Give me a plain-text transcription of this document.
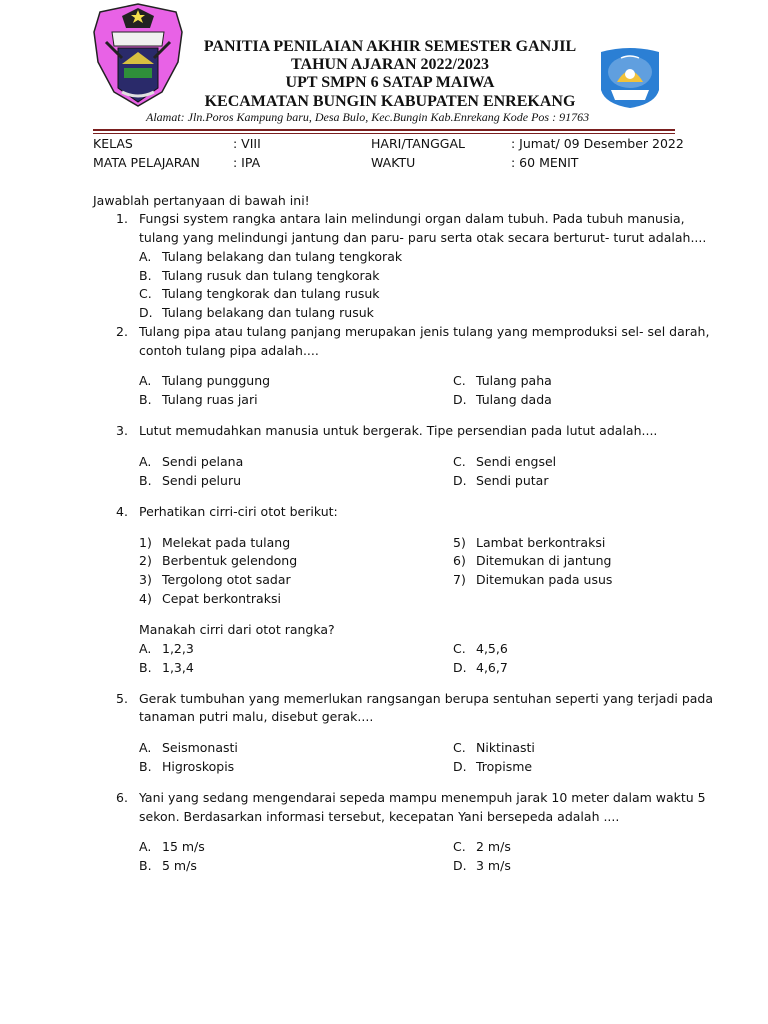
PANITIA PENILAIAN AKHIR SEMESTER GANJIL
TAHUN AJARAN 2022/2023
UPT SMPN 6 SATAP MAIWA
KECAMATAN BUNGIN KABUPATEN ENREKANG
Alamat: Jln.Poros Kampung baru, Desa Bulo, Kec.Bungin Kab.Enrekang Kode Pos : 91763
KELAS	: VIII	HARI/TANGGAL	: Jumat/ 09 Desember 2022
MATA PELAJARAN	: IPA	WAKTU	: 60 MENIT
Jawablah pertanyaan di bawah ini!
1. Fungsi system rangka antara lain melindungi organ dalam tubuh. Pada tubuh manusia,
tulang yang melindungi jantung dan paru- paru serta otak secara berturut- turut adalah....
A. Tulang belakang dan tulang tengkorak
B. Tulang rusuk dan tulang tengkorak
C. Tulang tengkorak dan tulang rusuk
D. Tulang belakang dan tulang rusuk
2. Tulang pipa atau tulang panjang merupakan jenis tulang yang memproduksi sel- sel darah,
contoh tulang pipa adalah....
A. Tulang punggung
B. Tulang ruas jari
C. Tulang paha
D. Tulang dada
3. Lutut memudahkan manusia untuk bergerak. Tipe persendian pada lutut adalah....
A. Sendi pelana
B. Sendi peluru
C. Sendi engsel
D. Sendi putar
4. Perhatikan cirri-ciri otot berikut:
1) Melekat pada tulang
2) Berbentuk gelendong
3) Tergolong otot sadar
4) Cepat berkontraksi
5) Lambat berkontraksi
6) Ditemukan di jantung
7) Ditemukan pada usus
Manakah cirri dari otot rangka?
A. 1,2,3
B. 1,3,4
C. 4,5,6
D. 4,6,7
5. Gerak tumbuhan yang memerlukan rangsangan berupa sentuhan seperti yang terjadi pada
tanaman putri malu, disebut gerak....
A. Seismonasti
B. Higroskopis
C. Niktinasti
D. Tropisme
6. Yani yang sedang mengendarai sepeda mampu menempuh jarak 10 meter dalam waktu 5
sekon. Berdasarkan informasi tersebut, kecepatan Yani bersepeda adalah ....
A. 15 m/s
B. 5 m/s
C. 2 m/s
D. 3 m/s
